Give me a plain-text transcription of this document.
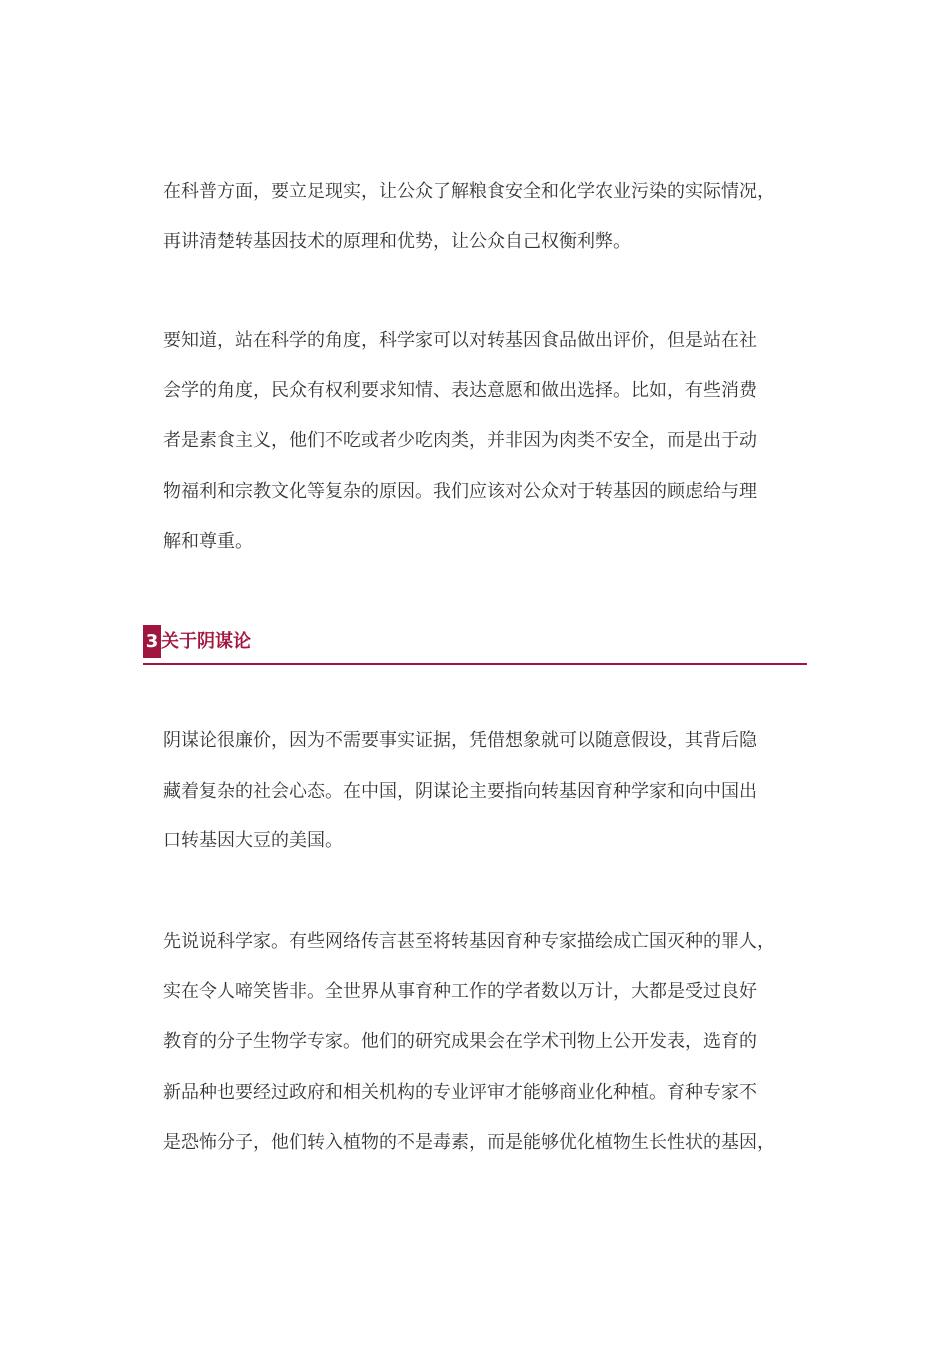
在科普方面，要立足现实，让公众了解粮食安全和化学农业污染的实际情况，
再讲清楚转基因技术的原理和优势，让公众自己权衡利弊。
要知道，站在科学的角度，科学家可以对转基因食品做出评价，但是站在社
会学的角度，民众有权利要求知情、表达意愿和做出选择。比如，有些消费
者是素食主义，他们不吃或者少吃肉类，并非因为肉类不安全，而是出于动
物福利和宗教文化等复杂的原因。我们应该对公众对于转基因的顾虑给与理
解和尊重。
3 关于阴谋论
阴谋论很廉价，因为不需要事实证据，凭借想象就可以随意假设，其背后隐
藏着复杂的社会心态。在中国，阴谋论主要指向转基因育种学家和向中国出
口转基因大豆的美国。
先说说科学家。有些网络传言甚至将转基因育种专家描绘成亡国灭种的罪人，
实在令人啼笑皆非。全世界从事育种工作的学者数以万计，大都是受过良好
教育的分子生物学专家。他们的研究成果会在学术刊物上公开发表，选育的
新品种也要经过政府和相关机构的专业评审才能够商业化种植。育种专家不
是恐怖分子，他们转入植物的不是毒素，而是能够优化植物生长性状的基因，
